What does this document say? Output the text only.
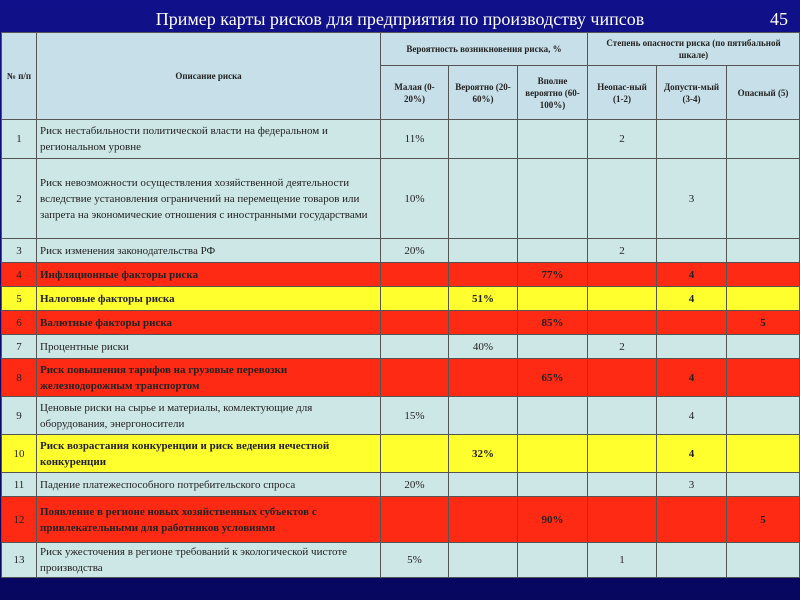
Пример карты рисков для предприятия по производству чипсов	45
№ п/п	Описание риска	Вероятность возникновения риска, %			Степень опасности риска (по пятибальной шкале)		
		Малая (0-20%)	Вероятно (20-60%)	Вполне вероятно (60-100%)	Неопас-ный (1-2)	Допусти-мый (3-4)	Опасный (5)
1	Риск нестабильности политической власти на федеральном и региональном уровне	11%			2		
2	Риск невозможности осуществления хозяйственной деятельности вследствие установления ограничений на перемещение товаров или запрета на экономические отношения с иностранными государствами	10%				3	
3	Риск изменения законодательства РФ	20%			2		
4	Инфляционные факторы риска			77%		4	
5	Налоговые факторы риска		51%			4	
6	Валютные факторы риска			85%			5
7	Процентные риски		40%		2		
8	Риск повышения тарифов на грузовые перевозки железнодорожным транспортом			65%		4	
9	Ценовые риски на сырье и материалы, комлектующие для оборудования, энергоносители	15%				4	
10	Риск возрастания конкуренции и риск ведения нечестной конкуренции		32%			4	
11	Падение платежеспособного потребительского спроса	20%				3	
12	Появление в регионе новых хозяйственных субъектов с привлекательными для работников условиями			90%			5
13	Риск ужесточения в регионе требований к экологической чистоте производства	5%			1		
